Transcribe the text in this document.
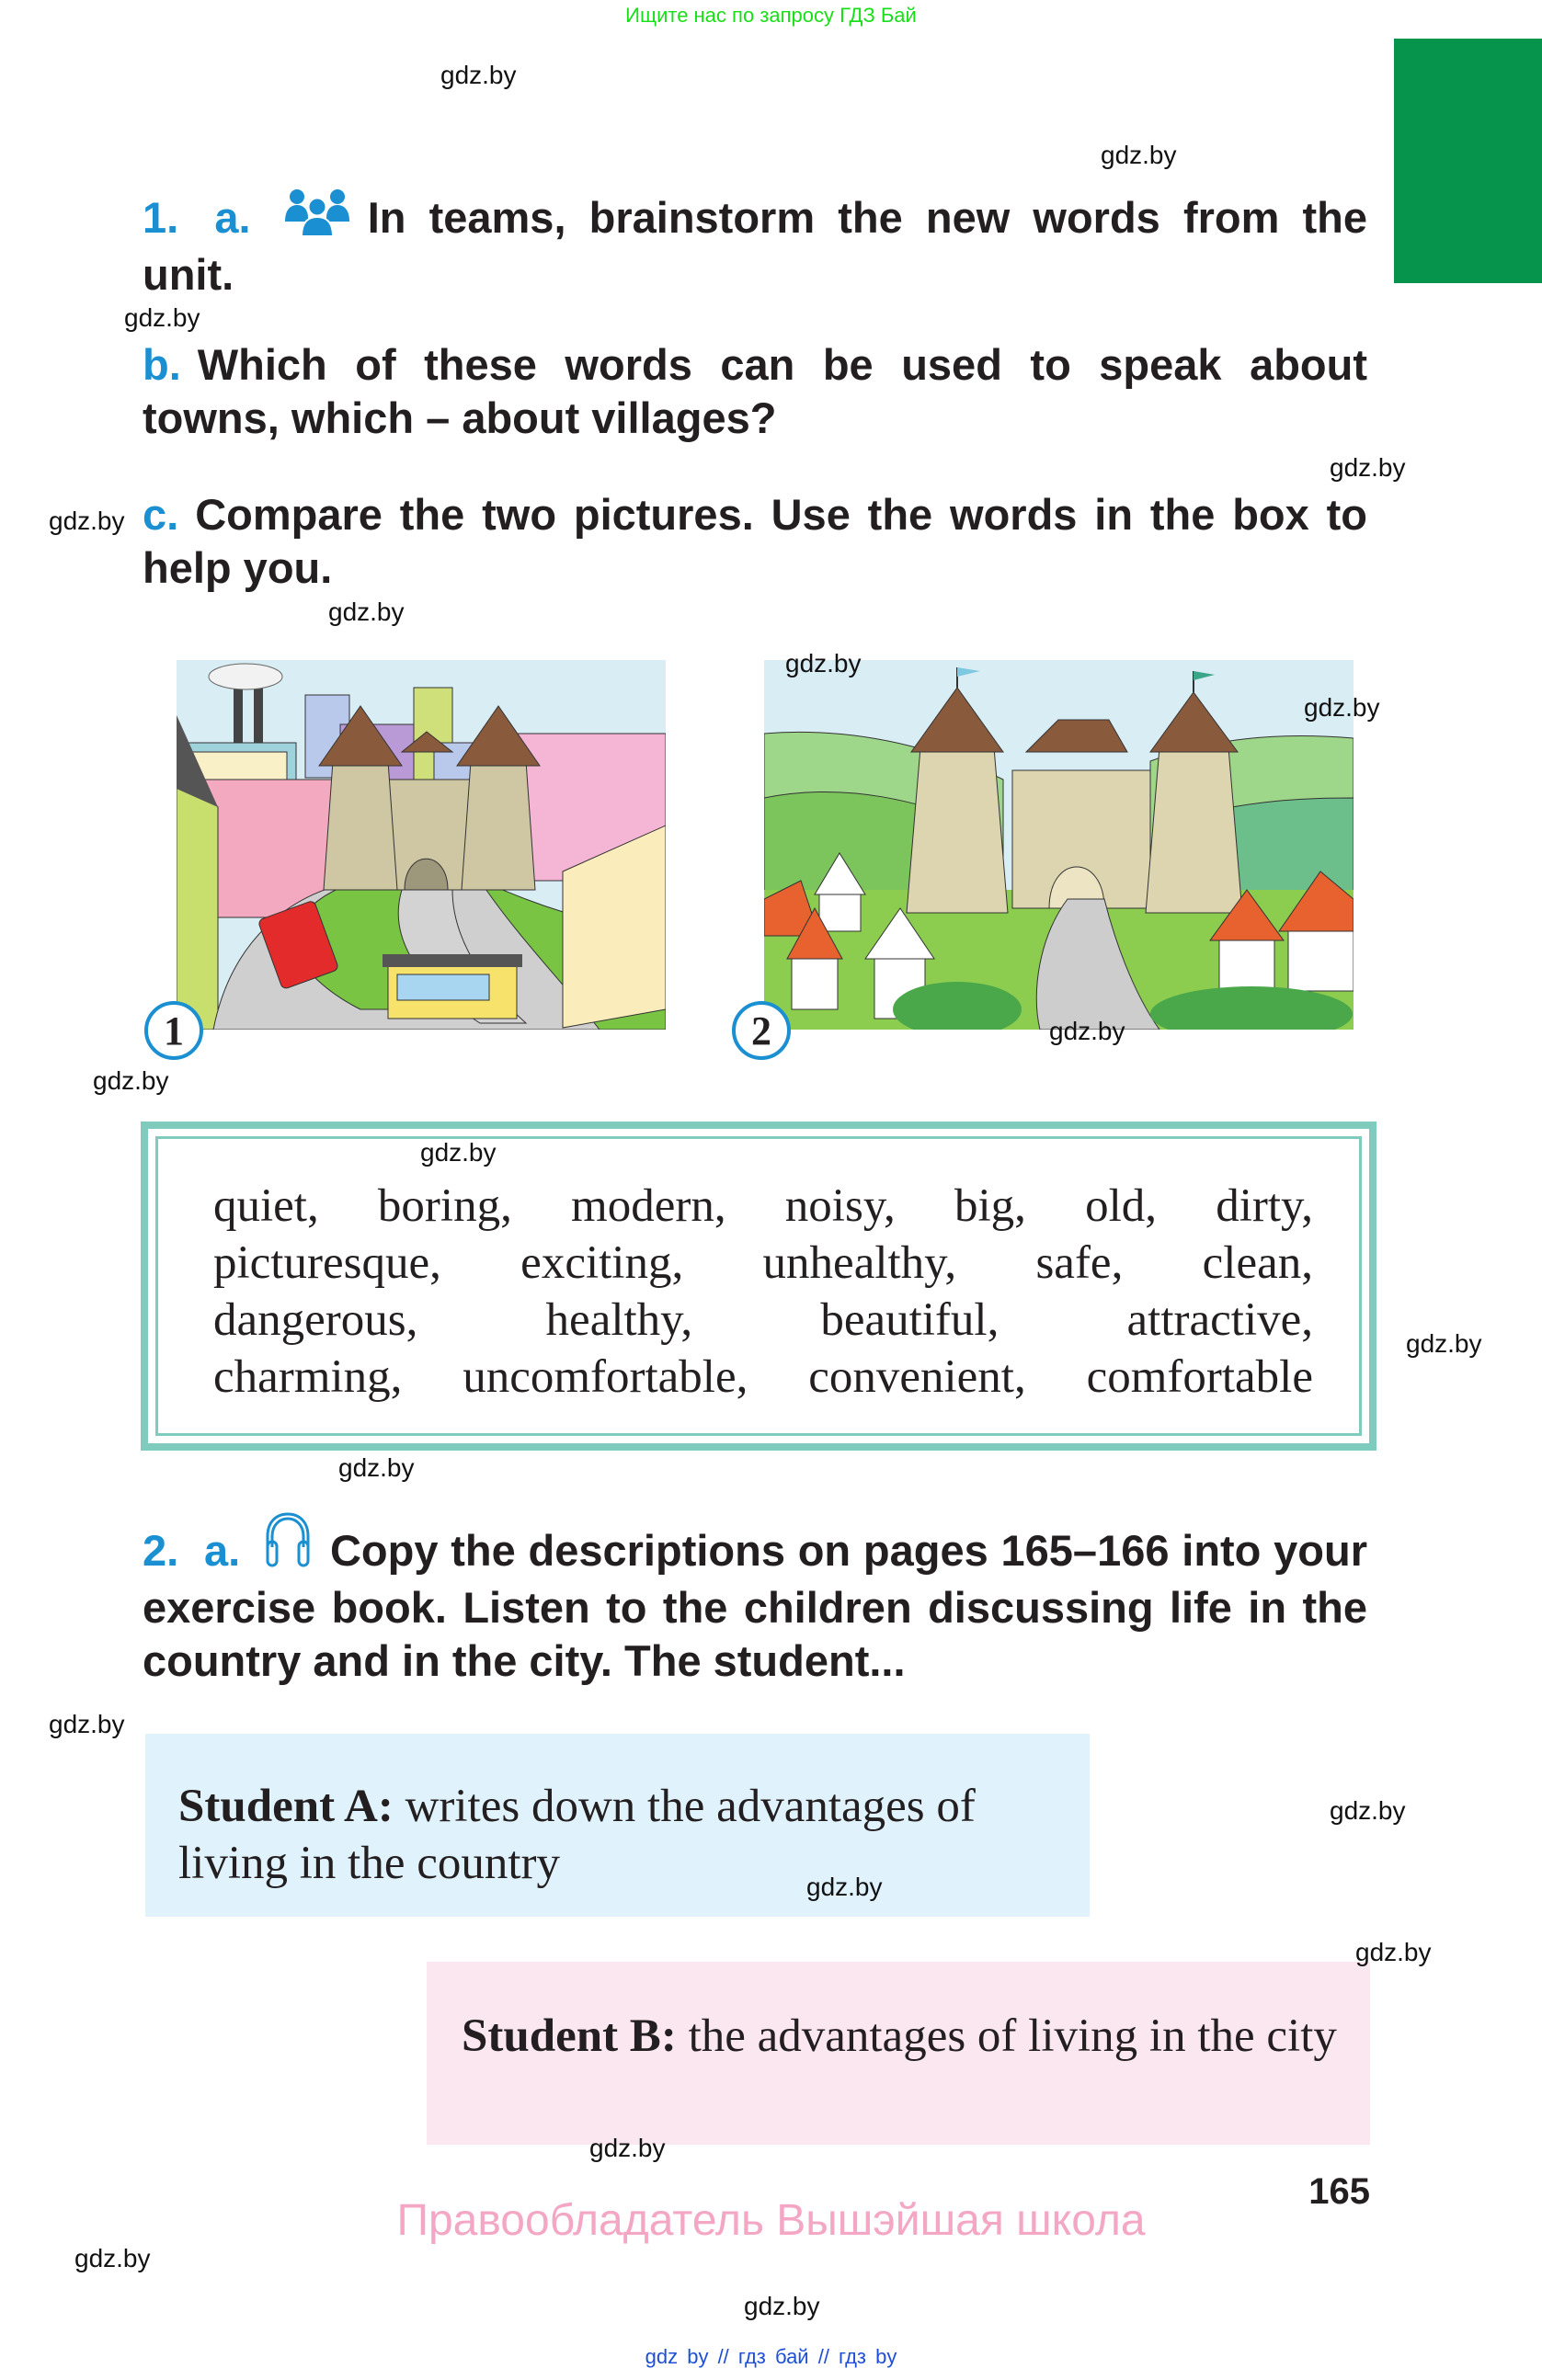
Ищите нас по запросу ГДЗ Бай
1. a.	In teams, brainstorm the new words from the unit.
b. Which of these words can be used to speak about towns, which – about villages?
c. Compare the two pictures. Use the words in the box to help you.
1	2
quiet, boring, modern, noisy, big, old, dirty,
picturesque, exciting, unhealthy, safe, clean,
dangerous, healthy, beautiful, attractive,
charming, uncomfortable, convenient, comfortable
2. a. Copy the descriptions on pages 165–166 into your exercise book. Listen to the children discussing life in the country and in the city. The student...
Student A: writes down the advantages of living in the country
Student B: the advantages of living in the city
165
Правообладатель Вышэйшая школа
gdz by // гдз бай // гдз by
gdz.by
gdz.by
gdz.by
gdz.by
gdz.by
gdz.by
gdz.by
gdz.by
gdz.by
gdz.by
gdz.by
gdz.by
gdz.by
gdz.by
gdz.by
gdz.by
gdz.by
gdz.by
gdz.by
gdz.by
